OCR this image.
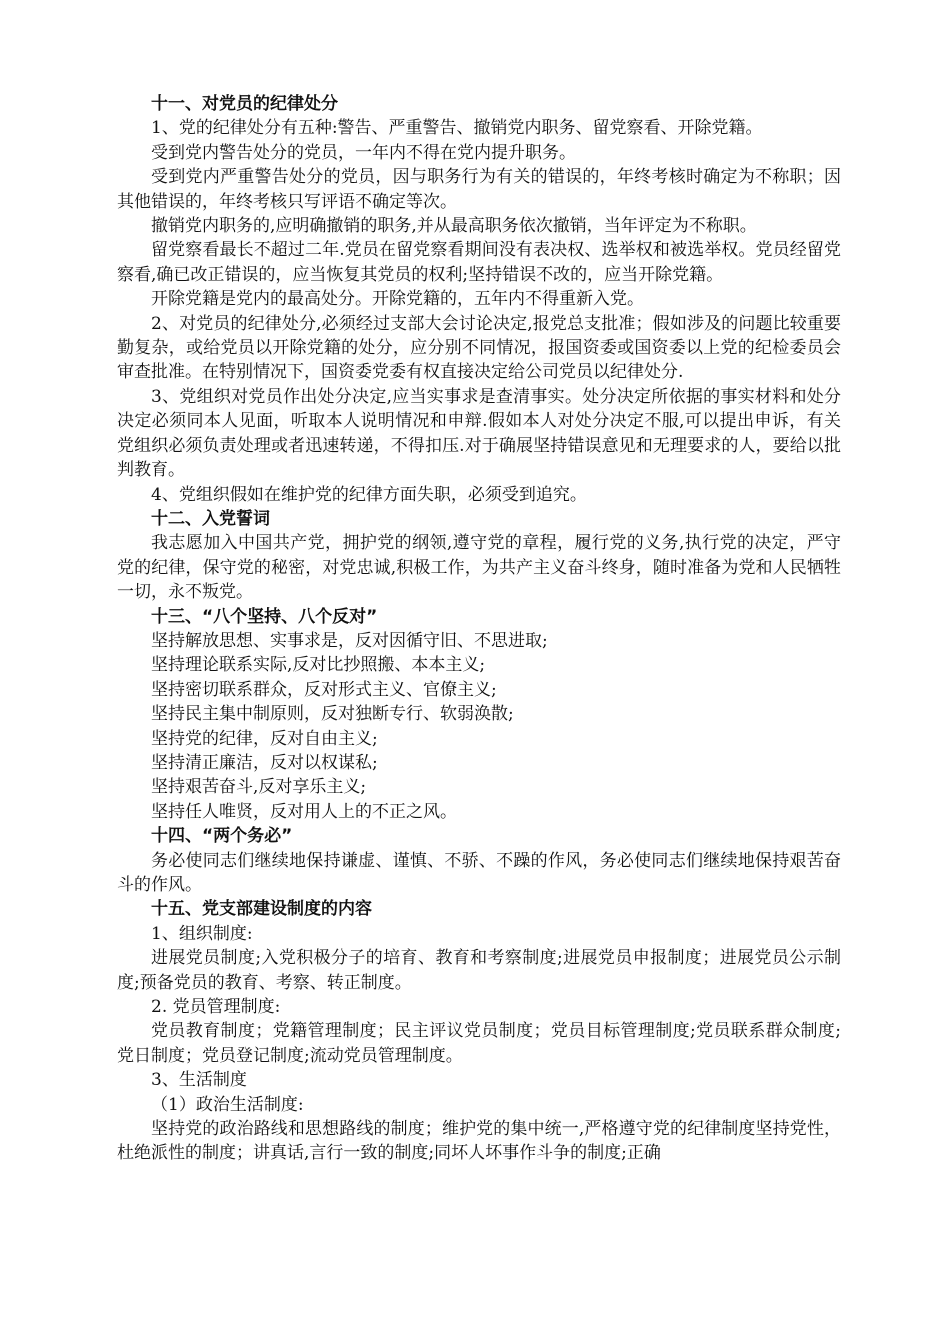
十一、对党员的纪律处分

1、党的纪律处分有五种:警告、严重警告、撤销党内职务、留党察看、开除党籍。

受到党内警告处分的党员，一年内不得在党内提升职务。

受到党内严重警告处分的党员，因与职务行为有关的错误的，年终考核时确定为不称职；因其他错误的，年终考核只写评语不确定等次。

撤销党内职务的,应明确撤销的职务,并从最高职务依次撤销，当年评定为不称职。

留党察看最长不超过二年.党员在留党察看期间没有表决权、选举权和被选举权。党员经留党察看,确已改正错误的，应当恢复其党员的权利;坚持错误不改的，应当开除党籍。

开除党籍是党内的最高处分。开除党籍的，五年内不得重新入党。

2、对党员的纪律处分,必须经过支部大会讨论决定,报党总支批准；假如涉及的问题比较重要勤复杂，或给党员以开除党籍的处分，应分别不同情况，报国资委或国资委以上党的纪检委员会审查批准。在特别情况下，国资委党委有权直接决定给公司党员以纪律处分.

3、党组织对党员作出处分决定,应当实事求是查清事实。处分决定所依据的事实材料和处分决定必须同本人见面，听取本人说明情况和申辩.假如本人对处分决定不服,可以提出申诉，有关党组织必须负责处理或者迅速转递，不得扣压.对于确展坚持错误意见和无理要求的人，要给以批判教育。

4、党组织假如在维护党的纪律方面失职，必须受到追究。

十二、入党誓词

我志愿加入中国共产党，拥护党的纲领,遵守党的章程，履行党的义务,执行党的决定，严守党的纪律，保守党的秘密，对党忠诚,积极工作，为共产主义奋斗终身，随时准备为党和人民牺牲一切，永不叛党。

十三、“八个坚持、八个反对”

坚持解放思想、实事求是，反对因循守旧、不思进取;

坚持理论联系实际,反对比抄照搬、本本主义;

坚持密切联系群众，反对形式主义、官僚主义;

坚持民主集中制原则，反对独断专行、软弱涣散;

坚持党的纪律，反对自由主义;

坚持清正廉洁，反对以权谋私;

坚持艰苦奋斗,反对享乐主义;

坚持任人唯贤，反对用人上的不正之风。

十四、“两个务必”

务必使同志们继续地保持谦虚、谨慎、不骄、不躁的作风，务必使同志们继续地保持艰苦奋斗的作风。

十五、党支部建设制度的内容

1、组织制度:

进展党员制度;入党积极分子的培育、教育和考察制度;进展党员申报制度；进展党员公示制度;预备党员的教育、考察、转正制度。

2. 党员管理制度:

党员教育制度；党籍管理制度；民主评议党员制度；党员目标管理制度;党员联系群众制度;党日制度；党员登记制度;流动党员管理制度。

3、生活制度

（1）政治生活制度:

坚持党的政治路线和思想路线的制度；维护党的集中统一,严格遵守党的纪律制度坚持党性，杜绝派性的制度；讲真话,言行一致的制度;同坏人坏事作斗争的制度;正确
